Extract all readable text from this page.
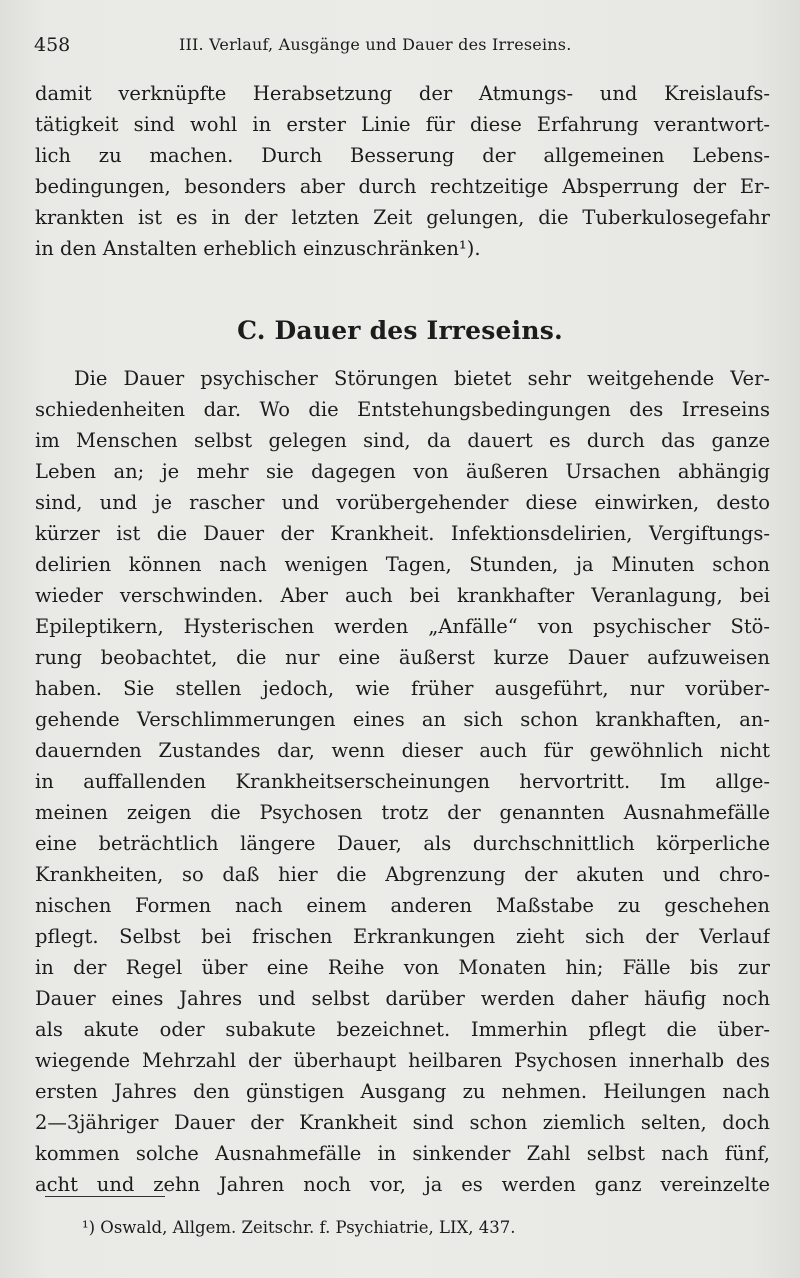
458	III. Verlauf, Ausgänge und Dauer des Irreseins.
damit verknüpfte Herabsetzung der Atmungs- und Kreislaufs-
tätigkeit sind wohl in erster Linie für diese Erfahrung verantwort-
lich zu machen. Durch Besserung der allgemeinen Lebens-
bedingungen, besonders aber durch rechtzeitige Absperrung der Er-
krankten ist es in der letzten Zeit gelungen, die Tuberkulosegefahr
in den Anstalten erheblich einzuschränken¹).
C. Dauer des Irreseins.
Die Dauer psychischer Störungen bietet sehr weitgehende Ver-
schiedenheiten dar. Wo die Entstehungsbedingungen des Irreseins
im Menschen selbst gelegen sind, da dauert es durch das ganze
Leben an; je mehr sie dagegen von äußeren Ursachen abhängig
sind, und je rascher und vorübergehender diese einwirken, desto
kürzer ist die Dauer der Krankheit. Infektionsdelirien, Vergiftungs-
delirien können nach wenigen Tagen, Stunden, ja Minuten schon
wieder verschwinden. Aber auch bei krankhafter Veranlagung, bei
Epileptikern, Hysterischen werden „Anfälle“ von psychischer Stö-
rung beobachtet, die nur eine äußerst kurze Dauer aufzuweisen
haben. Sie stellen jedoch, wie früher ausgeführt, nur vorüber-
gehende Verschlimmerungen eines an sich schon krankhaften, an-
dauernden Zustandes dar, wenn dieser auch für gewöhnlich nicht
in auffallenden Krankheitserscheinungen hervortritt. Im allge-
meinen zeigen die Psychosen trotz der genannten Ausnahmefälle
eine beträchtlich längere Dauer, als durchschnittlich körperliche
Krankheiten, so daß hier die Abgrenzung der akuten und chro-
nischen Formen nach einem anderen Maßstabe zu geschehen
pflegt. Selbst bei frischen Erkrankungen zieht sich der Verlauf
in der Regel über eine Reihe von Monaten hin; Fälle bis zur
Dauer eines Jahres und selbst darüber werden daher häufig noch
als akute oder subakute bezeichnet. Immerhin pflegt die über-
wiegende Mehrzahl der überhaupt heilbaren Psychosen innerhalb des
ersten Jahres den günstigen Ausgang zu nehmen. Heilungen nach
2—3jähriger Dauer der Krankheit sind schon ziemlich selten, doch
kommen solche Ausnahmefälle in sinkender Zahl selbst nach fünf,
acht und zehn Jahren noch vor, ja es werden ganz vereinzelte
¹) Oswald, Allgem. Zeitschr. f. Psychiatrie, LIX, 437.
